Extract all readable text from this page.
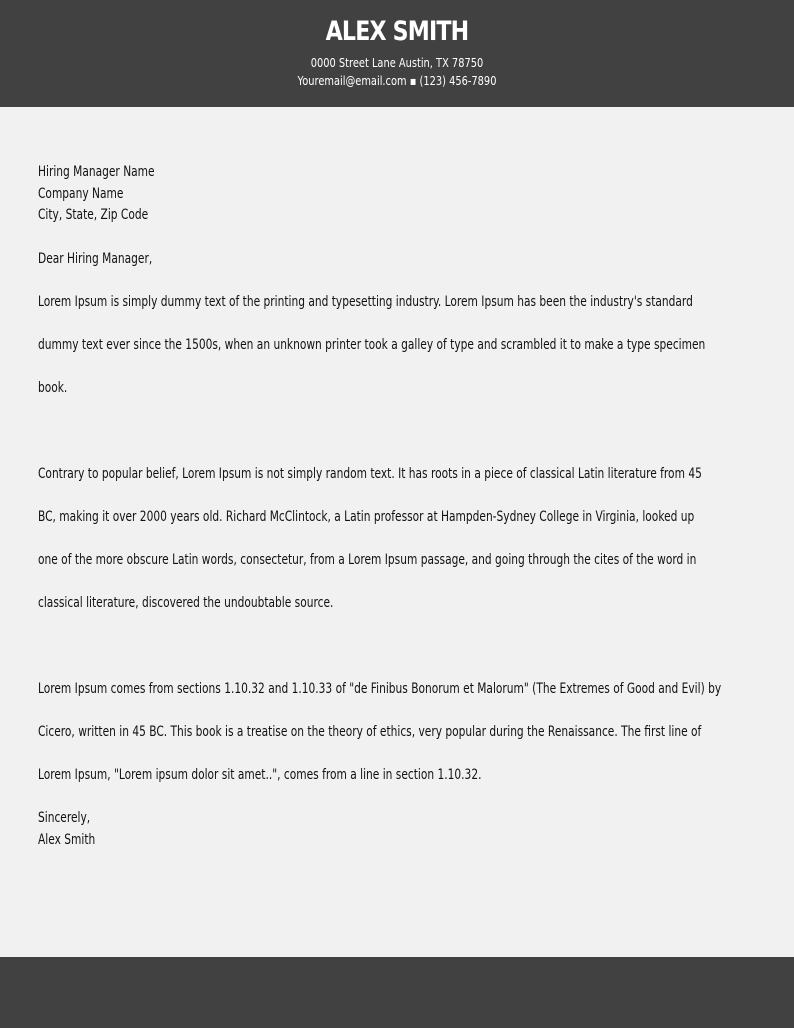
ALEX SMITH
0000 Street Lane Austin, TX 78750
Youremail@email.com ▪ (123) 456-7890
Hiring Manager Name
Company Name
City, State, Zip Code
Dear Hiring Manager,
Lorem Ipsum is simply dummy text of the printing and typesetting industry. Lorem Ipsum has been the industry's standard
dummy text ever since the 1500s, when an unknown printer took a galley of type and scrambled it to make a type specimen
book.
Contrary to popular belief, Lorem Ipsum is not simply random text. It has roots in a piece of classical Latin literature from 45
BC, making it over 2000 years old. Richard McClintock, a Latin professor at Hampden-Sydney College in Virginia, looked up
one of the more obscure Latin words, consectetur, from a Lorem Ipsum passage, and going through the cites of the word in
classical literature, discovered the undoubtable source.
Lorem Ipsum comes from sections 1.10.32 and 1.10.33 of "de Finibus Bonorum et Malorum" (The Extremes of Good and Evil) by
Cicero, written in 45 BC. This book is a treatise on the theory of ethics, very popular during the Renaissance. The first line of
Lorem Ipsum, "Lorem ipsum dolor sit amet..", comes from a line in section 1.10.32.
Sincerely,
Alex Smith
